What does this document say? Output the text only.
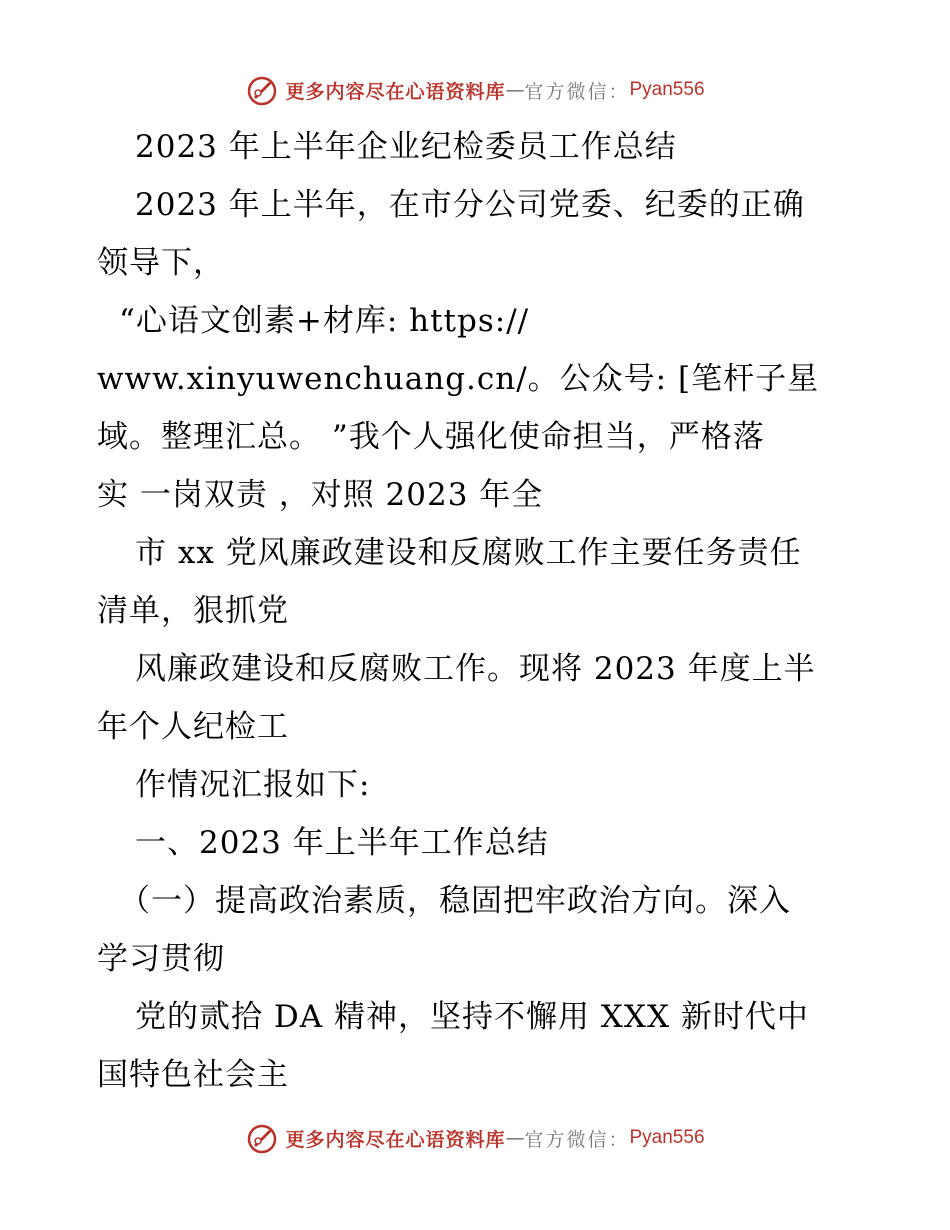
更多内容尽在心语资料库 — 官方微信： Pyan556
2023 年上半年企业纪检委员工作总结
2023 年上半年，在市分公司党委、纪委的正确
领导下，
“心语文创素+材库: https://
www.xinyuwenchuang.cn/。公众号: [笔杆子星
域。整理汇总。 ”我个人强化使命担当，严格落
实 一岗双责 ，对照 2023 年全
市 xx 党风廉政建设和反腐败工作主要任务责任
清单，狠抓党
风廉政建设和反腐败工作。现将 2023 年度上半
年个人纪检工
作情况汇报如下:
一、2023 年上半年工作总结
（一）提高政治素质，稳固把牢政治方向。深入
学习贯彻
党的贰拾 DA 精神，坚持不懈用 XXX 新时代中
国特色社会主
更多内容尽在心语资料库 — 官方微信： Pyan556
